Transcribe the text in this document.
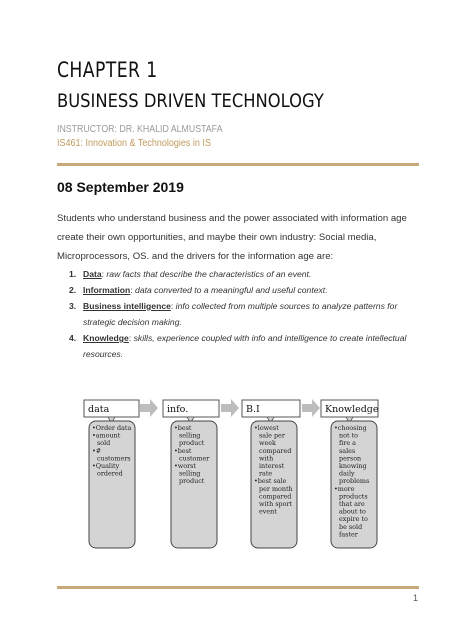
CHAPTER 1
BUSINESS DRIVEN TECHNOLOGY
INSTRUCTOR: DR. KHALID ALMUSTAFA
IS461: Innovation & Technologies in IS
08 September 2019
Students who understand business and the power associated with information age create their own opportunities, and maybe their own industry: Social media, Microprocessors, OS. and the drivers for the information age are:
1. Data: raw facts that describe the characteristics of an event.
2. Information: data converted to a meaningful and useful context.
3. Business intelligence: info collected from multiple sources to analyze patterns for strategic decision making.
4. Knowledge: skills, experience coupled with info and intelligence to create intellectual resources.
data	info.	B.I	Knowledge
•Order data
•amount
sold
•#
customers
•Quality
ordered
•best
selling
product
•best
customer
•worst
selling
product
•lowest
sale per
week
compared
with
interest
rate
•best sale
per month
compared
with sport
event
•choosing
not to
fire a
sales
person
knowing
daily
problems
•more
products
that are
about to
expire to
be sold
faster
1
